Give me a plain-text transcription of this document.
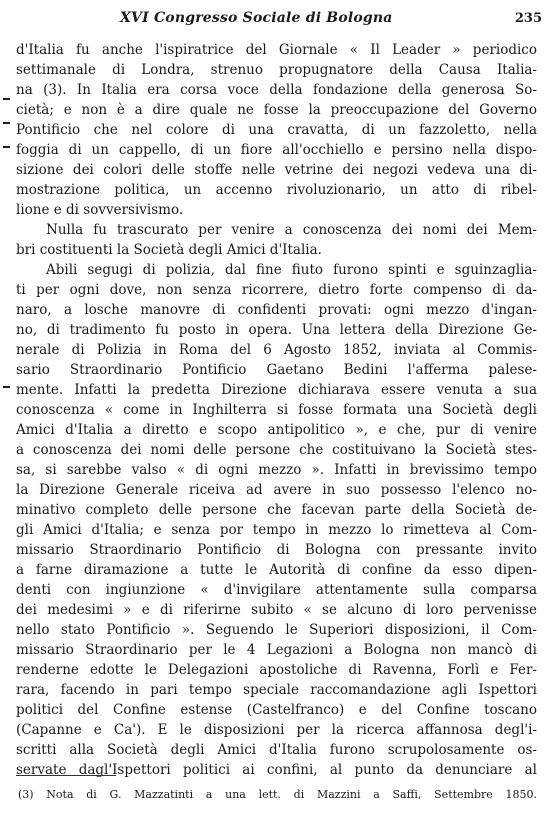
XVI Congresso Sociale di Bologna	235
d'Italia fu anche l'ispiratrice del Giornale « Il Leader » periodico
settimanale di Londra, strenuo propugnatore della Causa Italia-
na (3). In Italia era corsa voce della fondazione della generosa So-
cietà; e non è a dire quale ne fosse la preoccupazione del Governo
Pontificio che nel colore di una cravatta, di un fazzoletto, nella
foggia di un cappello, di un fiore all'occhiello e persino nella dispo-
sizione dei colori delle stoffe nelle vetrine dei negozi vedeva una di-
mostrazione politica, un accenno rivoluzionario, un atto di ribel-
lione e di sovversivismo.
Nulla fu trascurato per venire a conoscenza dei nomi dei Mem-
bri costituenti la Società degli Amici d'Italia.
Abili segugi di polizia, dal fine fiuto furono spinti e sguinzaglia-
ti per ogni dove, non senza ricorrere, dietro forte compenso di da-
naro, a losche manovre di confidenti provati: ogni mezzo d'ingan-
no, di tradimento fu posto in opera. Una lettera della Direzione Ge-
nerale di Polizia in Roma del 6 Agosto 1852, inviata al Commis-
sario Straordinario Pontificio Gaetano Bedini l'afferma palese-
mente. Infatti la predetta Direzione dichiarava essere venuta a sua
conoscenza « come in Inghilterra si fosse formata una Società degli
Amici d'Italia a diretto e scopo antipolitico », e che, pur di venire
a conoscenza dei nomi delle persone che costituivano la Società stes-
sa, si sarebbe valso « di ogni mezzo ». Infatti in brevissimo tempo
la Direzione Generale riceiva ad avere in suo possesso l'elenco no-
minativo completo delle persone che facevan parte della Società de-
gli Amici d'Italia; e senza por tempo in mezzo lo rimetteva al Com-
missario Straordinario Pontificio di Bologna con pressante invito
a farne diramazione a tutte le Autorità di confine da esso dipen-
denti con ingiunzione « d'invigilare attentamente sulla comparsa
dei medesimi » e di riferirne subito « se alcuno di loro pervenisse
nello stato Pontificio ». Seguendo le Superiori disposizioni, il Com-
missario Straordinario per le 4 Legazioni a Bologna non mancò di
renderne edotte le Delegazioni apostoliche di Ravenna, Forlì e Fer-
rara, facendo in pari tempo speciale raccomandazione agli Ispettori
politici del Confine estense (Castelfranco) e del Confine toscano
(Capanne e Ca'). E le disposizioni per la ricerca affannosa degl'i-
scritti alla Società degli Amici d'Italia furono scrupolosamente os-
servate dagl'Ispettori politici ai confini, al punto da denunciare al
(3) Nota di G. Mazzatinti a una lett. di Mazzini a Saffi, Settembre 1850.
